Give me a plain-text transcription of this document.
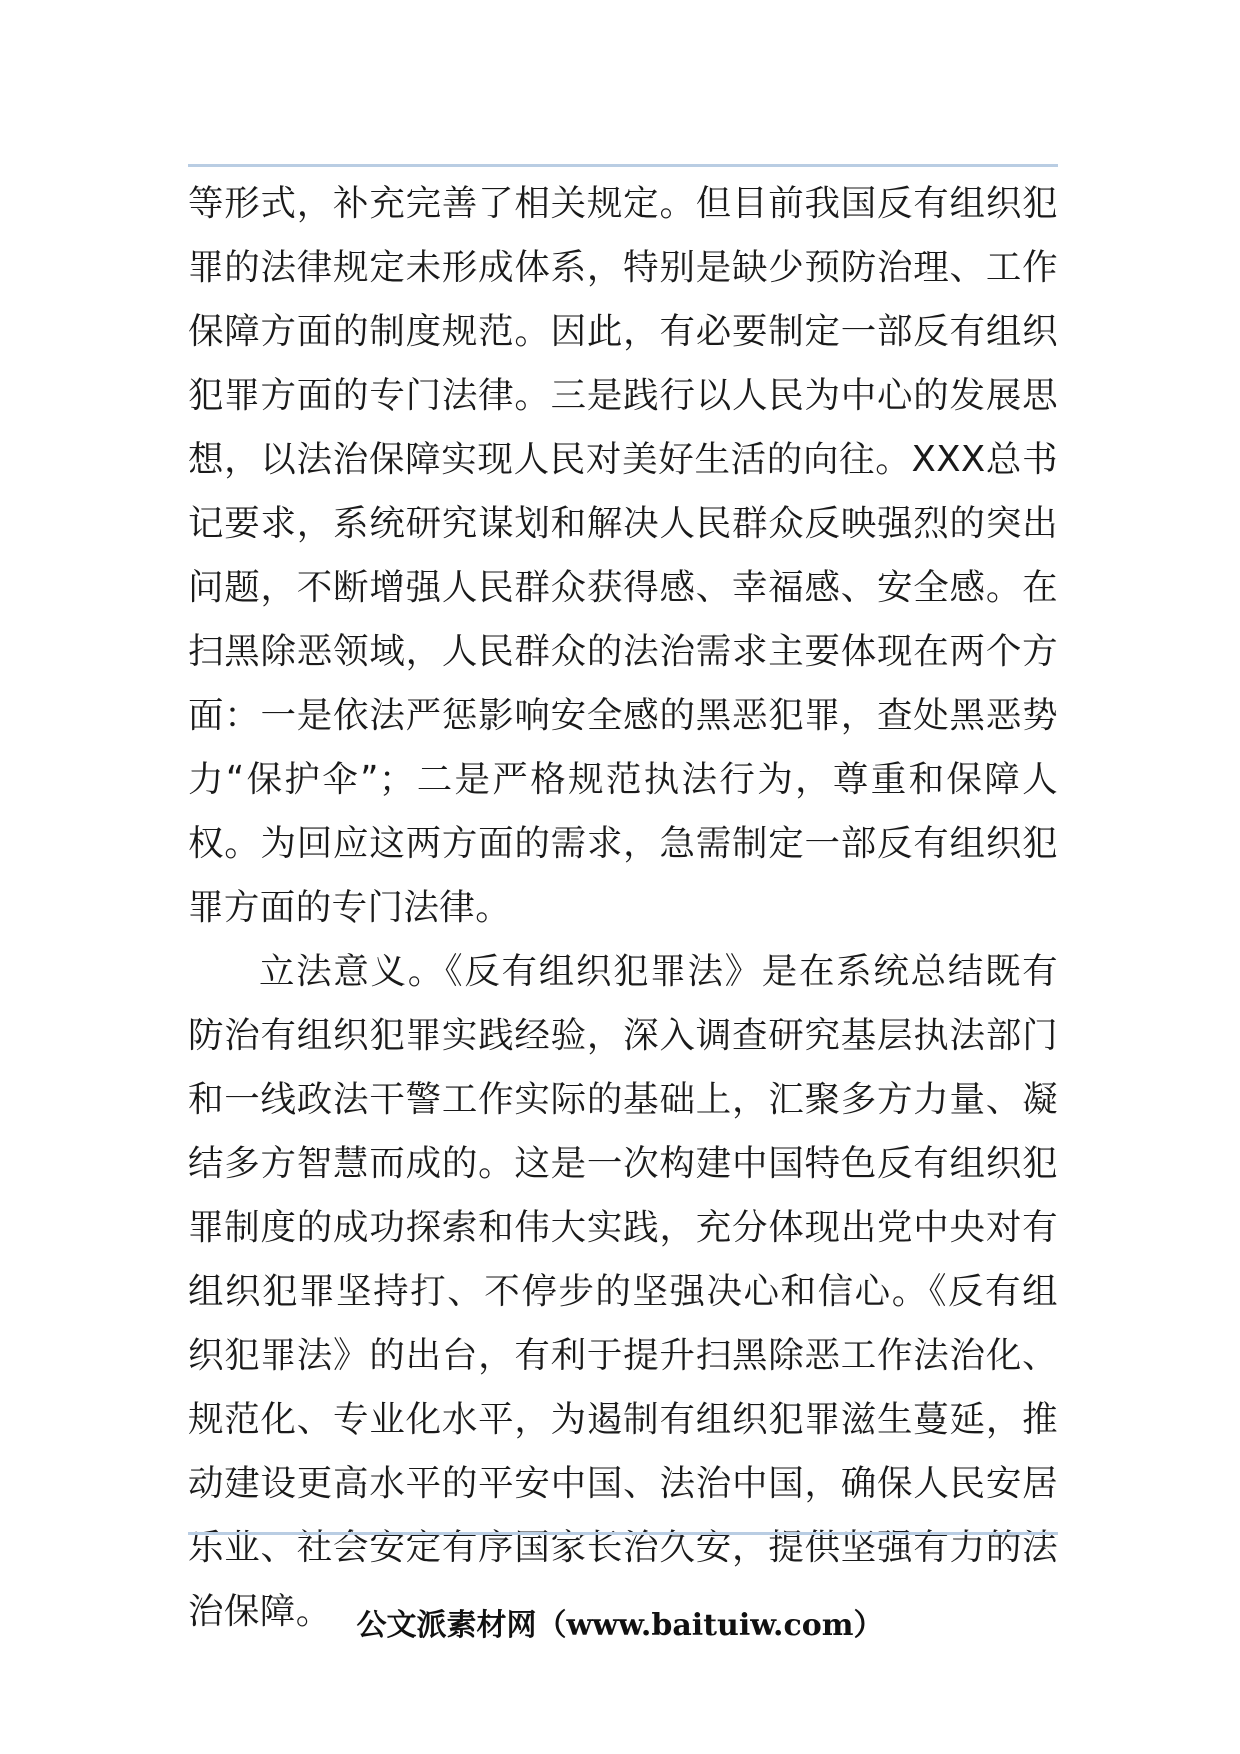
等形式，补充完善了相关规定。但目前我国反有组织犯罪的法律规定未形成体系，特别是缺少预防治理、工作保障方面的制度规范。因此，有必要制定一部反有组织犯罪方面的专门法律。三是践行以人民为中心的发展思想，以法治保障实现人民对美好生活的向往。XXX总书记要求，系统研究谋划和解决人民群众反映强烈的突出问题，不断增强人民群众获得感、幸福感、安全感。在扫黑除恶领域，人民群众的法治需求主要体现在两个方面：一是依法严惩影响安全感的黑恶犯罪，查处黑恶势力“保护伞”；二是严格规范执法行为，尊重和保障人权。为回应这两方面的需求，急需制定一部反有组织犯罪方面的专门法律。

立法意义。《反有组织犯罪法》是在系统总结既有防治有组织犯罪实践经验，深入调查研究基层执法部门和一线政法干警工作实际的基础上，汇聚多方力量、凝结多方智慧而成的。这是一次构建中国特色反有组织犯罪制度的成功探索和伟大实践，充分体现出党中央对有组织犯罪坚持打、不停步的坚强决心和信心。《反有组织犯罪法》的出台，有利于提升扫黑除恶工作法治化、规范化、专业化水平，为遏制有组织犯罪滋生蔓延，推动建设更高水平的平安中国、法治中国，确保人民安居乐业、社会安定有序国家长治久安，提供坚强有力的法治保障。 公文派素材网（www.baituiw.com）
